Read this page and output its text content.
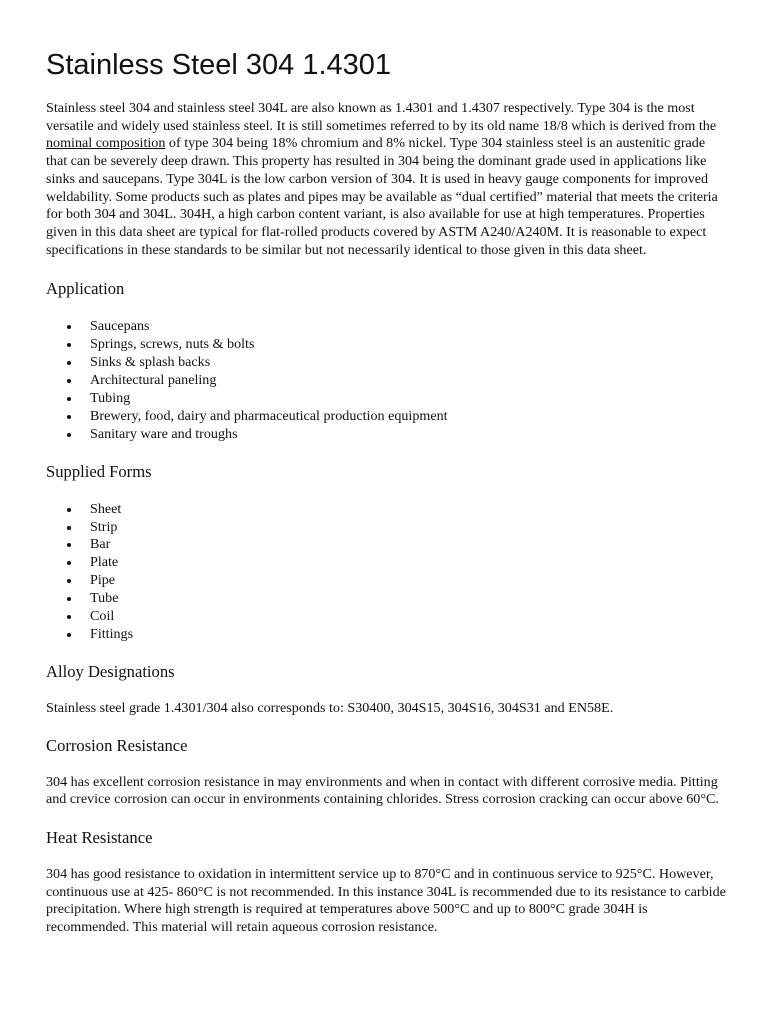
Stainless Steel 304 1.4301

Stainless steel 304 and stainless steel 304L are also known as 1.4301 and 1.4307 respectively. Type 304 is the most versatile and widely used stainless steel. It is still sometimes referred to by its old name 18/8 which is derived from the nominal composition of type 304 being 18% chromium and 8% nickel. Type 304 stainless steel is an austenitic grade that can be severely deep drawn. This property has resulted in 304 being the dominant grade used in applications like sinks and saucepans. Type 304L is the low carbon version of 304. It is used in heavy gauge components for improved weldability. Some products such as plates and pipes may be available as “dual certified” material that meets the criteria for both 304 and 304L. 304H, a high carbon content variant, is also available for use at high temperatures. Properties given in this data sheet are typical for flat-rolled products covered by ASTM A240/A240M. It is reasonable to expect specifications in these standards to be similar but not necessarily identical to those given in this data sheet.

Application
Saucepans
Springs, screws, nuts & bolts
Sinks & splash backs
Architectural paneling
Tubing
Brewery, food, dairy and pharmaceutical production equipment
Sanitary ware and troughs
Supplied Forms
Sheet
Strip
Bar
Plate
Pipe
Tube
Coil
Fittings
Alloy Designations

Stainless steel grade 1.4301/304 also corresponds to: S30400, 304S15, 304S16, 304S31 and EN58E.

Corrosion Resistance

304 has excellent corrosion resistance in may environments and when in contact with different corrosive media. Pitting and crevice corrosion can occur in environments containing chlorides. Stress corrosion cracking can occur above 60°C.

Heat Resistance

304 has good resistance to oxidation in intermittent service up to 870°C and in continuous service to 925°C. However, continuous use at 425- 860°C is not recommended. In this instance 304L is recommended due to its resistance to carbide precipitation. Where high strength is required at temperatures above 500°C and up to 800°C grade 304H is recommended. This material will retain aqueous corrosion resistance.
